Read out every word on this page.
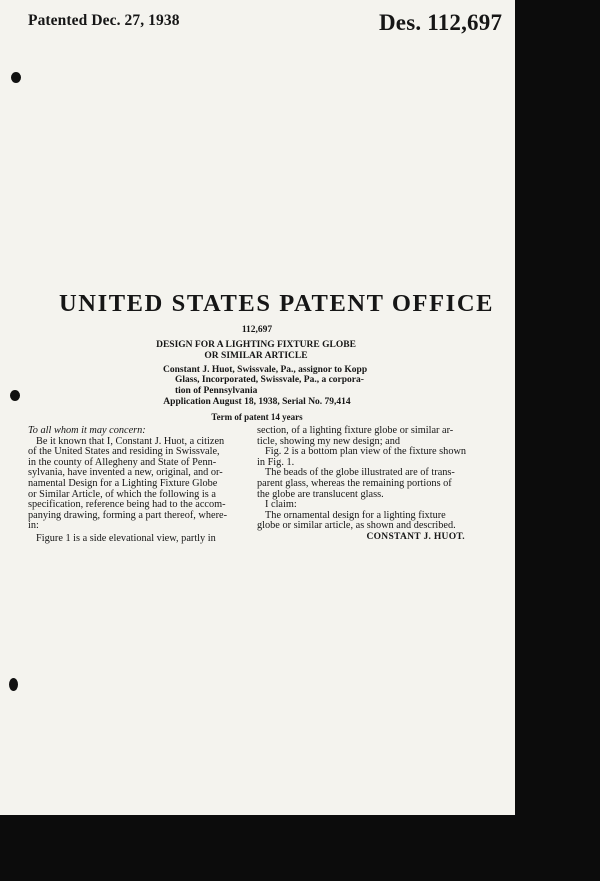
Patented Dec. 27, 1938	Des. 112,697
UNITED STATES PATENT OFFICE
112,697
DESIGN FOR A LIGHTING FIXTURE GLOBE
OR SIMILAR ARTICLE
Constant J. Huot, Swissvale, Pa., assignor to Kopp
Glass, Incorporated, Swissvale, Pa., a corpora-
tion of Pennsylvania
Application August 18, 1938, Serial No. 79,414
Term of patent 14 years
To all whom it may concern:
Be it known that I, Constant J. Huot, a citizen
of the United States and residing in Swissvale,
in the county of Allegheny and State of Penn-
sylvania, have invented a new, original, and or-
namental Design for a Lighting Fixture Globe
or Similar Article, of which the following is a
specification, reference being had to the accom-
panying drawing, forming a part thereof, where-
in:
Figure 1 is a side elevational view, partly in
section, of a lighting fixture globe or similar ar-
ticle, showing my new design; and
Fig. 2 is a bottom plan view of the fixture shown
in Fig. 1.
The beads of the globe illustrated are of trans-
parent glass, whereas the remaining portions of
the globe are translucent glass.
I claim:
The ornamental design for a lighting fixture
globe or similar article, as shown and described.
CONSTANT J. HUOT.
